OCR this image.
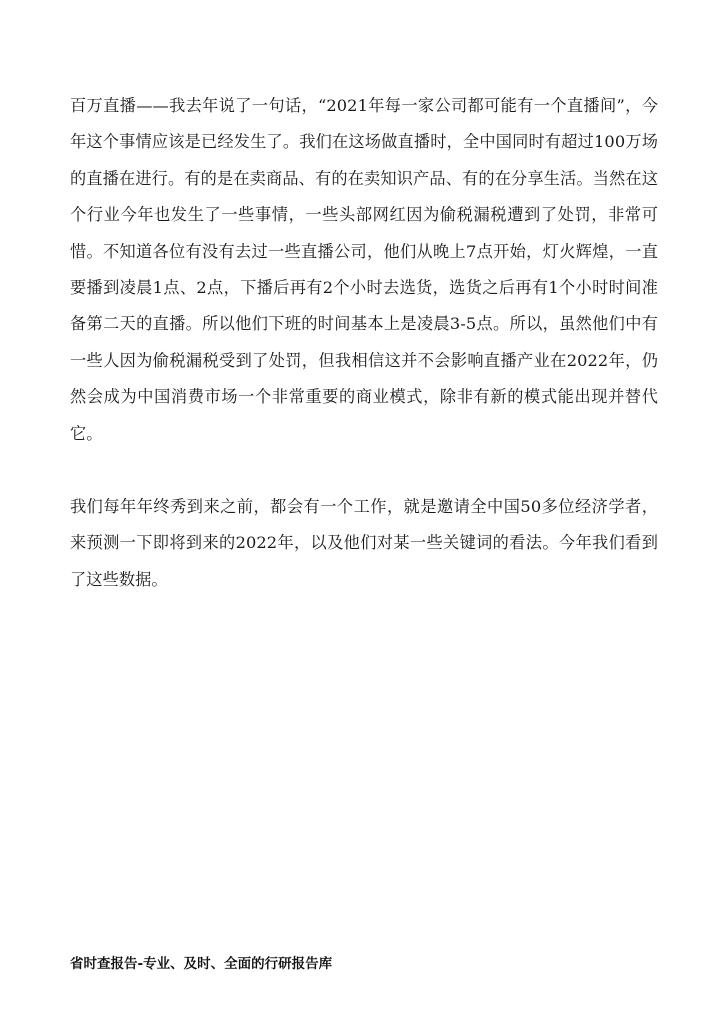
百万直播——我去年说了一句话，“2021年每一家公司都可能有一个直播间”，今年这个事情应该是已经发生了。我们在这场做直播时，全中国同时有超过100万场的直播在进行。有的是在卖商品、有的在卖知识产品、有的在分享生活。当然在这个行业今年也发生了一些事情，一些头部网红因为偷税漏税遭到了处罚，非常可惜。不知道各位有没有去过一些直播公司，他们从晚上7点开始，灯火辉煌，一直要播到凌晨1点、2点，下播后再有2个小时去选货，选货之后再有1个小时时间准备第二天的直播。所以他们下班的时间基本上是凌晨3-5点。所以，虽然他们中有一些人因为偷税漏税受到了处罚，但我相信这并不会影响直播产业在2022年，仍然会成为中国消费市场一个非常重要的商业模式，除非有新的模式能出现并替代它。

我们每年年终秀到来之前，都会有一个工作，就是邀请全中国50多位经济学者，来预测一下即将到来的2022年，以及他们对某一些关键词的看法。今年我们看到了这些数据。

省时查报告-专业、及时、全面的行研报告库
